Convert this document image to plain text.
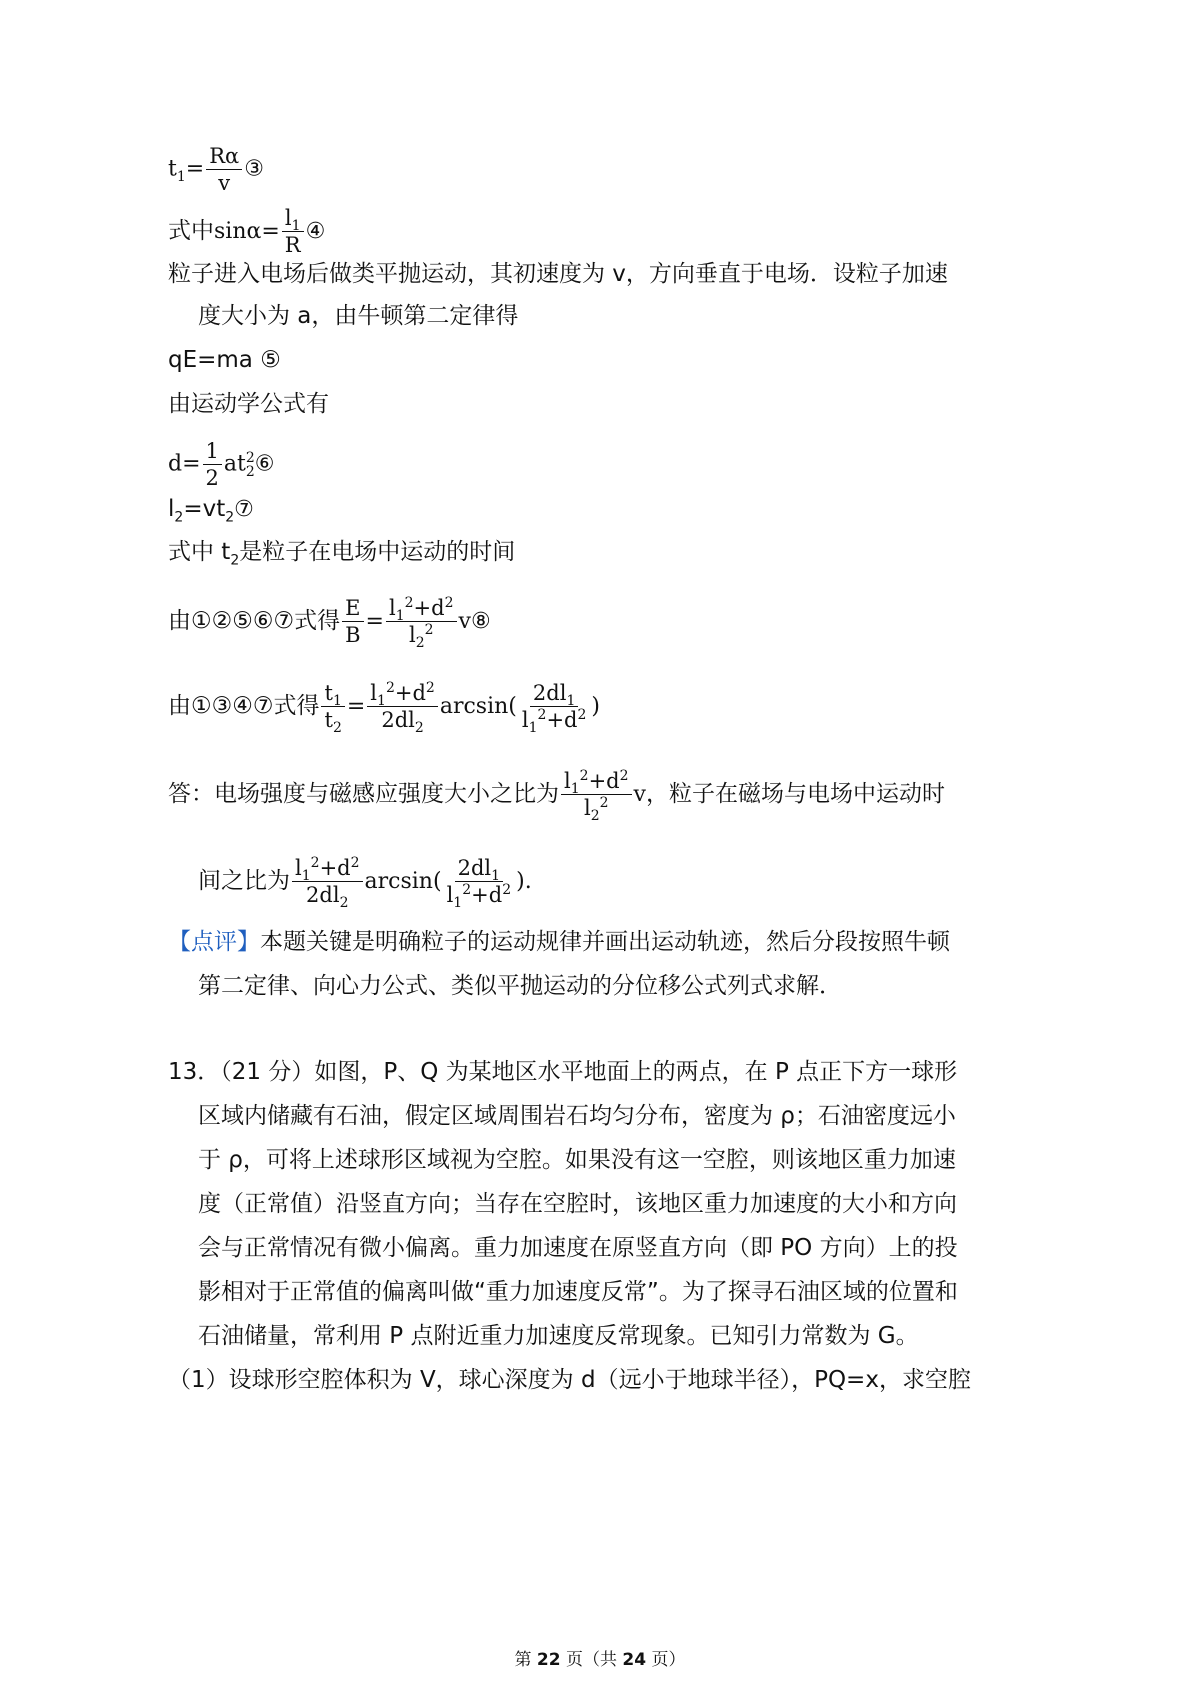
$t_1= \frac{R\alpha}{v}$ ③
式中$\sin\alpha= \frac{l_1}{R}$ ④
粒子进入电场后做类平抛运动，其初速度为 v，方向垂直于电场．设粒子加速
度大小为 a，由牛顿第二定律得
qE=ma ⑤
由运动学公式有
$d= \frac{1}{2}$ at 2
2 ⑥
$l_2=vt_2⑦$
式中 $t_2$是粒子在电场中运动的时间
由①②⑤⑥⑦式得 $\frac{E}{B} = \frac{l_1^2+d^2}{l_2^2}$ v⑧
由①③④⑦式得 $\frac{t_1}{t_2} = \frac{l_1^2+d^2}{2dl_2} \arcsin( \frac{2dl_1}{l_1^2+d^2}$ )
答：电场强度与磁感应强度大小之比为 $\frac{l_1^2+d^2}{l_2^2}$ v，粒子在磁场与电场中运动时
间之比为 $\frac{l_1^2+d^2}{2dl_2} \arcsin( \frac{2dl_1}{l_1^2+d^2}$ ).
【点评】本题关键是明确粒子的运动规律并画出运动轨迹，然后分段按照牛顿
第二定律、向心力公式、类似平抛运动的分位移公式列式求解．
13．（21 分）如图，P、Q 为某地区水平地面上的两点，在 P 点正下方一球形
区域内储藏有石油，假定区域周围岩石均匀分布，密度为 ρ；石油密度远小
于 ρ，可将上述球形区域视为空腔。如果没有这一空腔，则该地区重力加速
度（正常值）沿竖直方向；当存在空腔时，该地区重力加速度的大小和方向
会与正常情况有微小偏离。重力加速度在原竖直方向（即 PO 方向）上的投
影相对于正常值的偏离叫做“重力加速度反常”。为了探寻石油区域的位置和
石油储量，常利用 P 点附近重力加速度反常现象。已知引力常数为 G。
（1）设球形空腔体积为 V，球心深度为 d（远小于地球半径），PQ=x，求空腔
第 22 页（共 24 页）
